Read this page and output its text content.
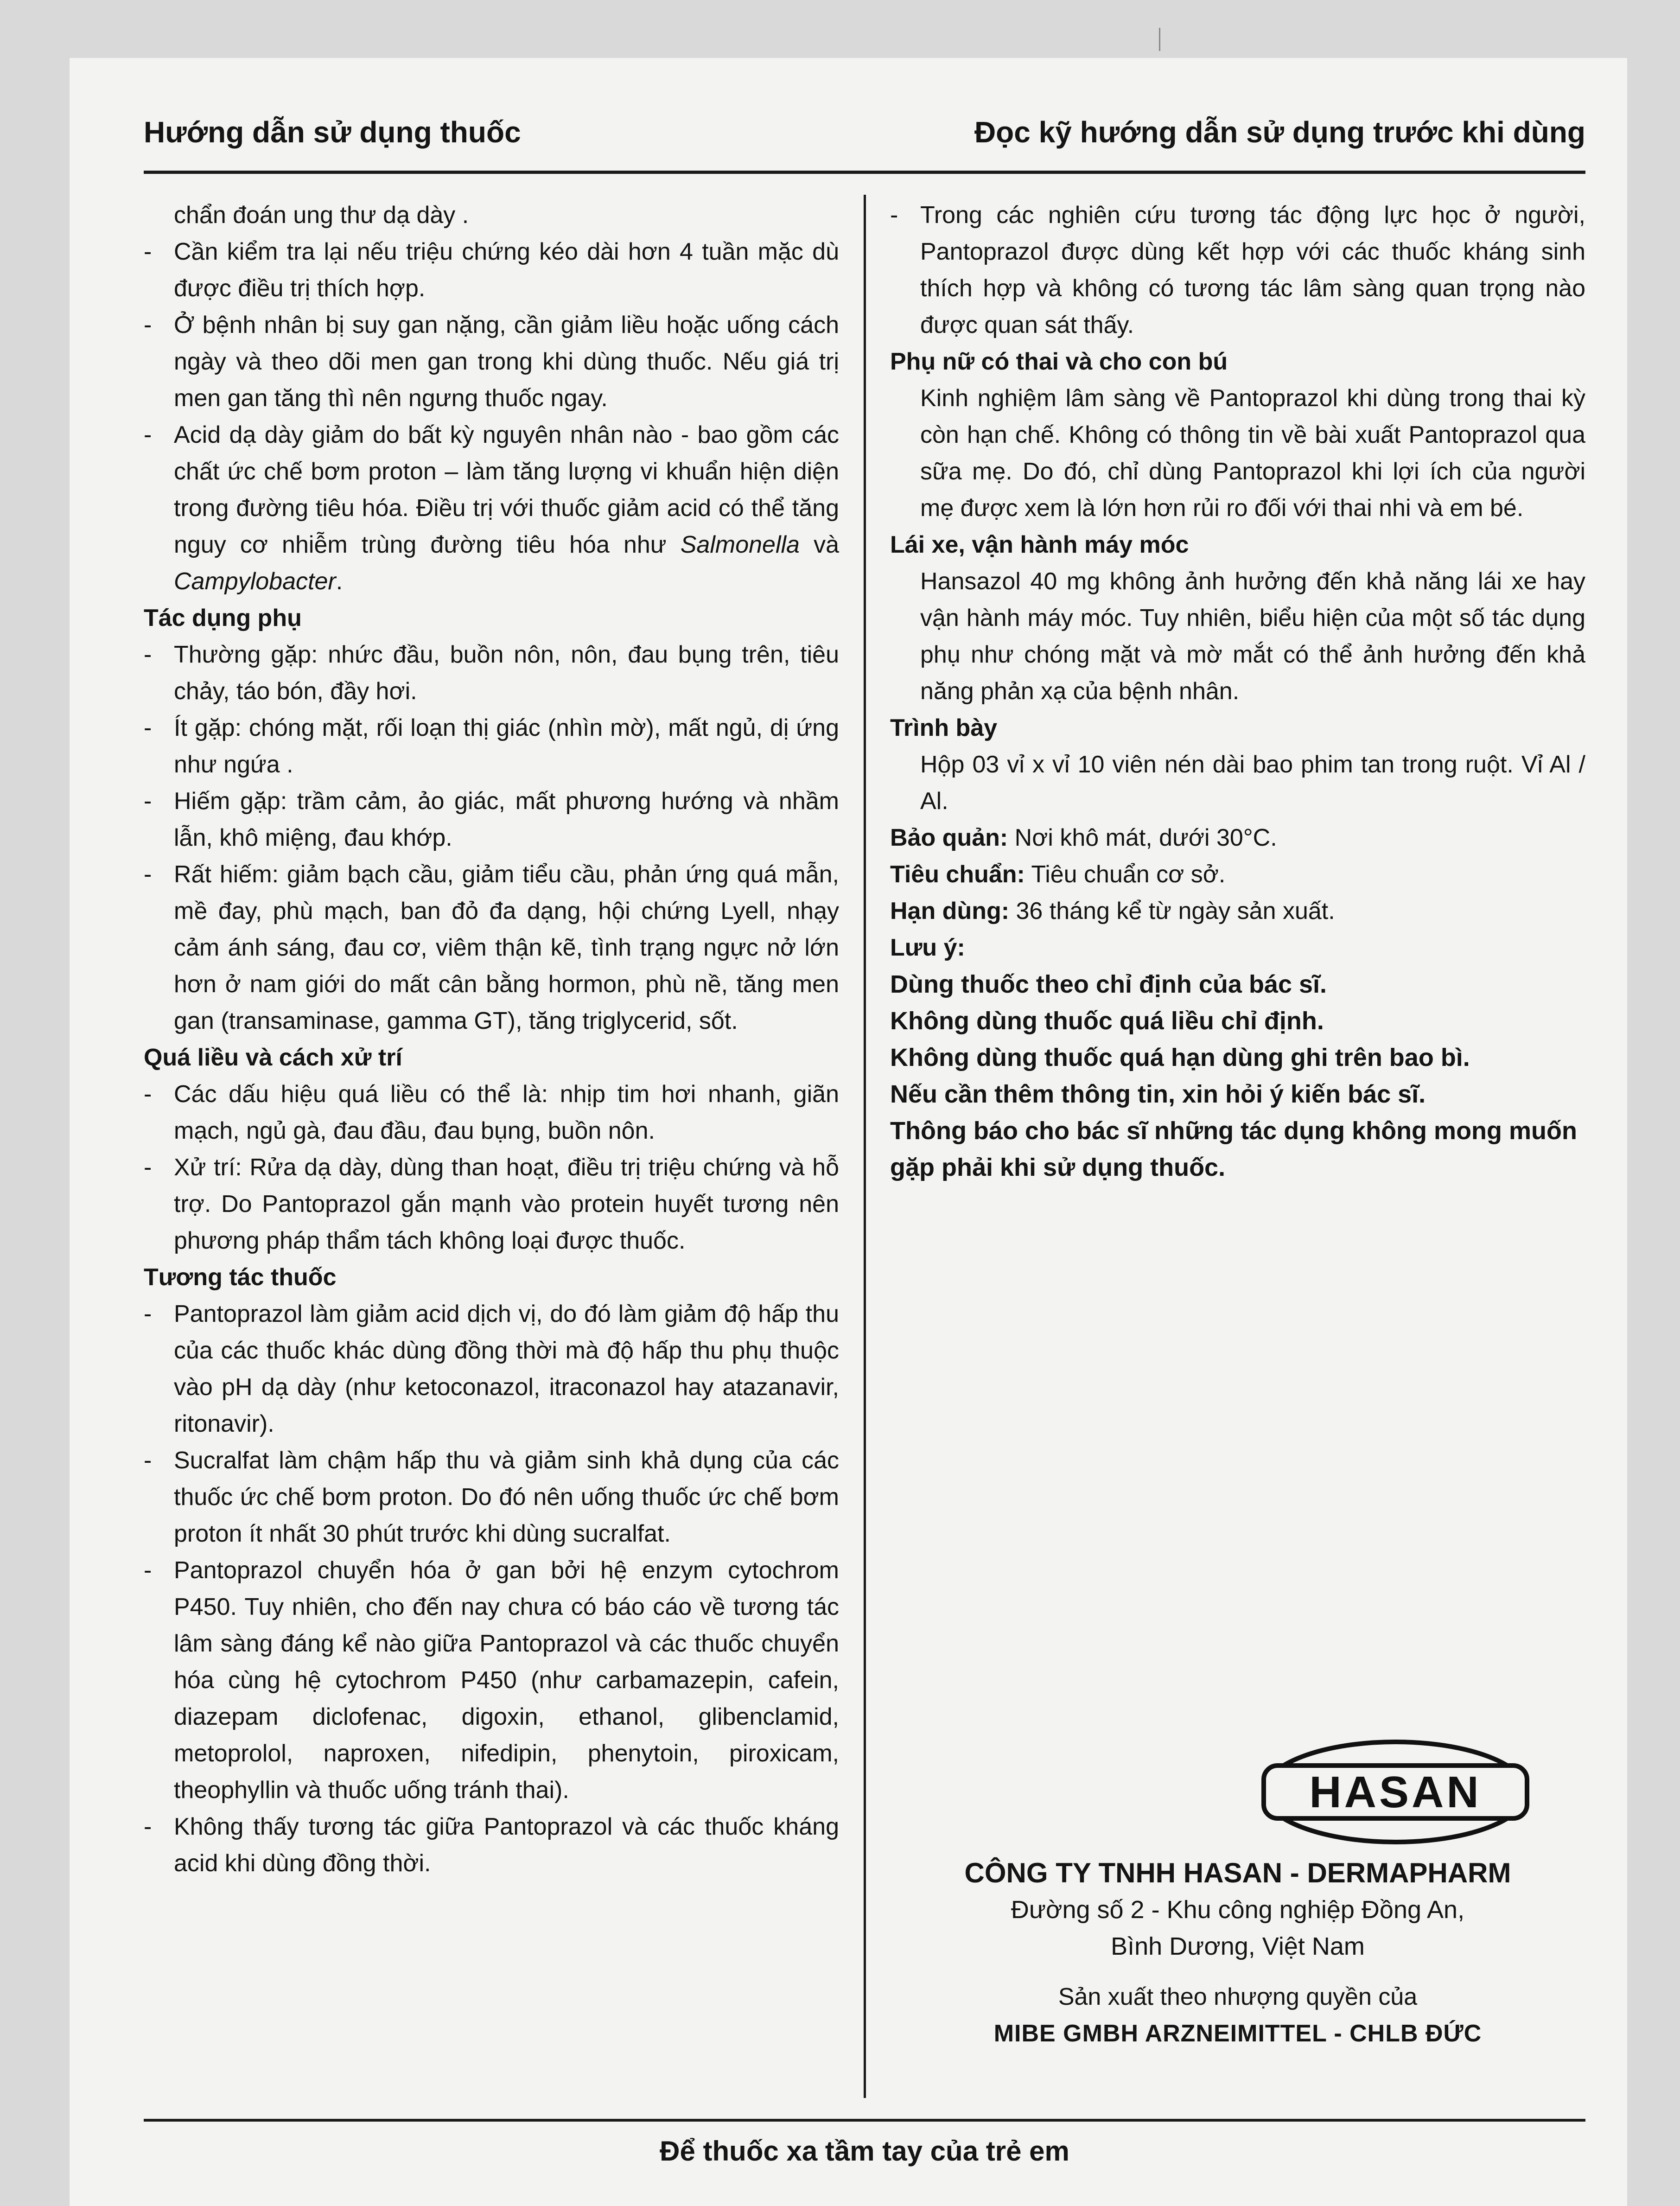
Hướng dẫn sử dụng thuốc	Đọc kỹ hướng dẫn sử dụng trước khi dùng

chẩn đoán ung thư dạ dày .

- Cần kiểm tra lại nếu triệu chứng kéo dài hơn 4 tuần mặc dù được điều trị thích hợp.
- Ở bệnh nhân bị suy gan nặng, cần giảm liều hoặc uống cách ngày và theo dõi men gan trong khi dùng thuốc. Nếu giá trị men gan tăng thì nên ngưng thuốc ngay.
- Acid dạ dày giảm do bất kỳ nguyên nhân nào - bao gồm các chất ức chế bơm proton – làm tăng lượng vi khuẩn hiện diện trong đường tiêu hóa. Điều trị với thuốc giảm acid có thể tăng nguy cơ nhiễm trùng đường tiêu hóa như Salmonella và Campylobacter.

Tác dụng phụ

- Thường gặp: nhức đầu, buồn nôn, nôn, đau bụng trên, tiêu chảy, táo bón, đầy hơi.
- Ít gặp: chóng mặt, rối loạn thị giác (nhìn mờ), mất ngủ, dị ứng như ngứa .
- Hiếm gặp: trầm cảm, ảo giác, mất phương hướng và nhầm lẫn, khô miệng, đau khớp.
- Rất hiếm: giảm bạch cầu, giảm tiểu cầu, phản ứng quá mẫn, mề đay, phù mạch, ban đỏ đa dạng, hội chứng Lyell, nhạy cảm ánh sáng, đau cơ, viêm thận kẽ, tình trạng ngực nở lớn hơn ở nam giới do mất cân bằng hormon, phù nề, tăng men gan (transaminase, gamma GT), tăng triglycerid, sốt.

Quá liều và cách xử trí

- Các dấu hiệu quá liều có thể là: nhịp tim hơi nhanh, giãn mạch, ngủ gà, đau đầu, đau bụng, buồn nôn.
- Xử trí: Rửa dạ dày, dùng than hoạt, điều trị triệu chứng và hỗ trợ. Do Pantoprazol gắn mạnh vào protein huyết tương nên phương pháp thẩm tách không loại được thuốc.

Tương tác thuốc

- Pantoprazol làm giảm acid dịch vị, do đó làm giảm độ hấp thu của các thuốc khác dùng đồng thời mà độ hấp thu phụ thuộc vào pH dạ dày (như ketoconazol, itraconazol hay atazanavir, ritonavir).
- Sucralfat làm chậm hấp thu và giảm sinh khả dụng của các thuốc ức chế bơm proton. Do đó nên uống thuốc ức chế bơm proton ít nhất 30 phút trước khi dùng sucralfat.
- Pantoprazol chuyển hóa ở gan bởi hệ enzym cytochrom P450. Tuy nhiên, cho đến nay chưa có báo cáo về tương tác lâm sàng đáng kể nào giữa Pantoprazol và các thuốc chuyển hóa cùng hệ cytochrom P450 (như carbamazepin, cafein, diazepam diclofenac, digoxin, ethanol, glibenclamid, metoprolol, naproxen, nifedipin, phenytoin, piroxicam, theophyllin và thuốc uống tránh thai).
- Không thấy tương tác giữa Pantoprazol và các thuốc kháng acid khi dùng đồng thời.
- Trong các nghiên cứu tương tác động lực học ở người, Pantoprazol được dùng kết hợp với các thuốc kháng sinh thích hợp và không có tương tác lâm sàng quan trọng nào được quan sát thấy.

Phụ nữ có thai và cho con bú

Kinh nghiệm lâm sàng về Pantoprazol khi dùng trong thai kỳ còn hạn chế. Không có thông tin về bài xuất Pantoprazol qua sữa mẹ. Do đó, chỉ dùng Pantoprazol khi lợi ích của người mẹ được xem là lớn hơn rủi ro đối với thai nhi và em bé.

Lái xe, vận hành máy móc

Hansazol 40 mg không ảnh hưởng đến khả năng lái xe hay vận hành máy móc. Tuy nhiên, biểu hiện của một số tác dụng phụ như chóng mặt và mờ mắt có thể ảnh hưởng đến khả năng phản xạ của bệnh nhân.

Trình bày

Hộp 03 vỉ x vỉ 10 viên nén dài bao phim tan trong ruột. Vỉ Al / Al.

Bảo quản: Nơi khô mát, dưới 30°C.

Tiêu chuẩn: Tiêu chuẩn cơ sở.

Hạn dùng: 36 tháng kể từ ngày sản xuất.

Lưu ý:

Dùng thuốc theo chỉ định của bác sĩ.

Không dùng thuốc quá liều chỉ định.

Không dùng thuốc quá hạn dùng ghi trên bao bì.

Nếu cần thêm thông tin, xin hỏi ý kiến bác sĩ.

Thông báo cho bác sĩ những tác dụng không mong muốn gặp phải khi sử dụng thuốc.

HASAN
CÔNG TY TNHH HASAN - DERMAPHARM
Đường số 2 - Khu công nghiệp Đồng An,
Bình Dương, Việt Nam
Sản xuất theo nhượng quyền của
MIBE GMBH ARZNEIMITTEL - CHLB ĐỨC
Để thuốc xa tầm tay của trẻ em
